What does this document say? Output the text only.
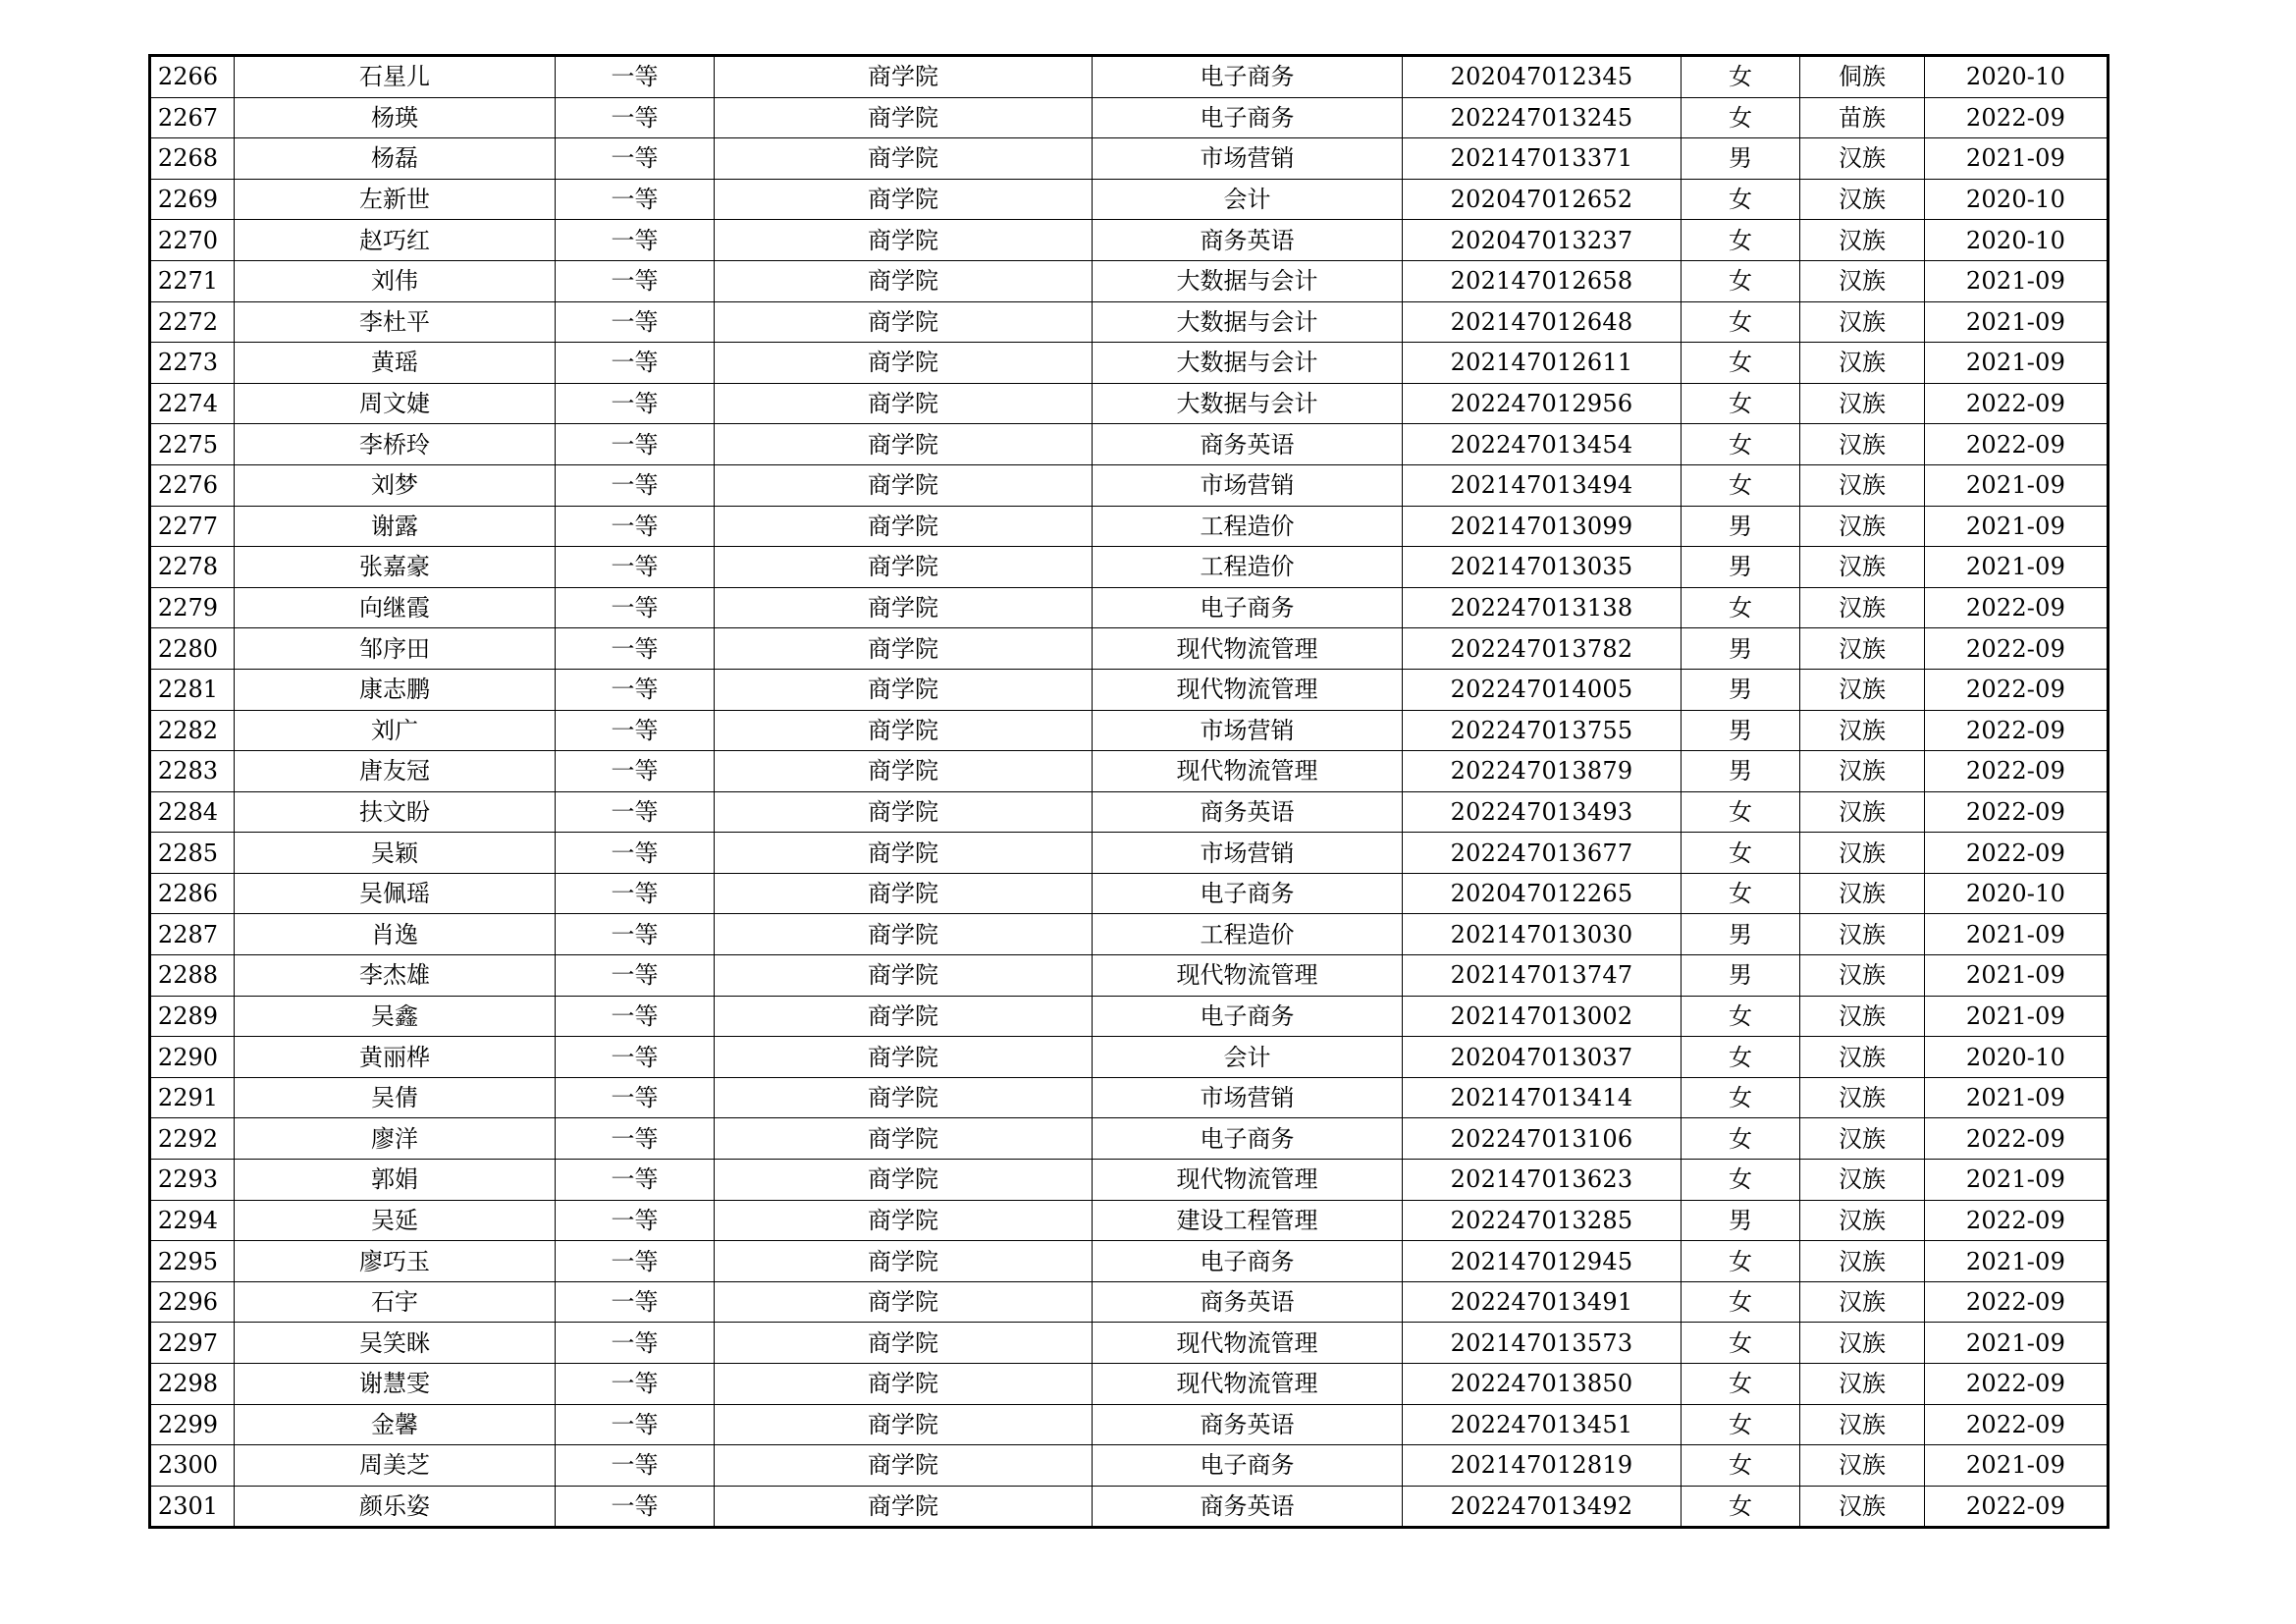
2266	石星儿	一等	商学院	电子商务	202047012345	女	侗族	2020-10
2267	杨瑛	一等	商学院	电子商务	202247013245	女	苗族	2022-09
2268	杨磊	一等	商学院	市场营销	202147013371	男	汉族	2021-09
2269	左新世	一等	商学院	会计	202047012652	女	汉族	2020-10
2270	赵巧红	一等	商学院	商务英语	202047013237	女	汉族	2020-10
2271	刘伟	一等	商学院	大数据与会计	202147012658	女	汉族	2021-09
2272	李杜平	一等	商学院	大数据与会计	202147012648	女	汉族	2021-09
2273	黄瑶	一等	商学院	大数据与会计	202147012611	女	汉族	2021-09
2274	周文婕	一等	商学院	大数据与会计	202247012956	女	汉族	2022-09
2275	李桥玲	一等	商学院	商务英语	202247013454	女	汉族	2022-09
2276	刘梦	一等	商学院	市场营销	202147013494	女	汉族	2021-09
2277	谢露	一等	商学院	工程造价	202147013099	男	汉族	2021-09
2278	张嘉豪	一等	商学院	工程造价	202147013035	男	汉族	2021-09
2279	向继霞	一等	商学院	电子商务	202247013138	女	汉族	2022-09
2280	邹序田	一等	商学院	现代物流管理	202247013782	男	汉族	2022-09
2281	康志鹏	一等	商学院	现代物流管理	202247014005	男	汉族	2022-09
2282	刘广	一等	商学院	市场营销	202247013755	男	汉族	2022-09
2283	唐友冠	一等	商学院	现代物流管理	202247013879	男	汉族	2022-09
2284	扶文盼	一等	商学院	商务英语	202247013493	女	汉族	2022-09
2285	吴颖	一等	商学院	市场营销	202247013677	女	汉族	2022-09
2286	吴佩瑶	一等	商学院	电子商务	202047012265	女	汉族	2020-10
2287	肖逸	一等	商学院	工程造价	202147013030	男	汉族	2021-09
2288	李杰雄	一等	商学院	现代物流管理	202147013747	男	汉族	2021-09
2289	吴鑫	一等	商学院	电子商务	202147013002	女	汉族	2021-09
2290	黄丽桦	一等	商学院	会计	202047013037	女	汉族	2020-10
2291	吴倩	一等	商学院	市场营销	202147013414	女	汉族	2021-09
2292	廖洋	一等	商学院	电子商务	202247013106	女	汉族	2022-09
2293	郭娟	一等	商学院	现代物流管理	202147013623	女	汉族	2021-09
2294	吴延	一等	商学院	建设工程管理	202247013285	男	汉族	2022-09
2295	廖巧玉	一等	商学院	电子商务	202147012945	女	汉族	2021-09
2296	石宇	一等	商学院	商务英语	202247013491	女	汉族	2022-09
2297	吴笑眯	一等	商学院	现代物流管理	202147013573	女	汉族	2021-09
2298	谢慧雯	一等	商学院	现代物流管理	202247013850	女	汉族	2022-09
2299	金馨	一等	商学院	商务英语	202247013451	女	汉族	2022-09
2300	周美芝	一等	商学院	电子商务	202147012819	女	汉族	2021-09
2301	颜乐姿	一等	商学院	商务英语	202247013492	女	汉族	2022-09
